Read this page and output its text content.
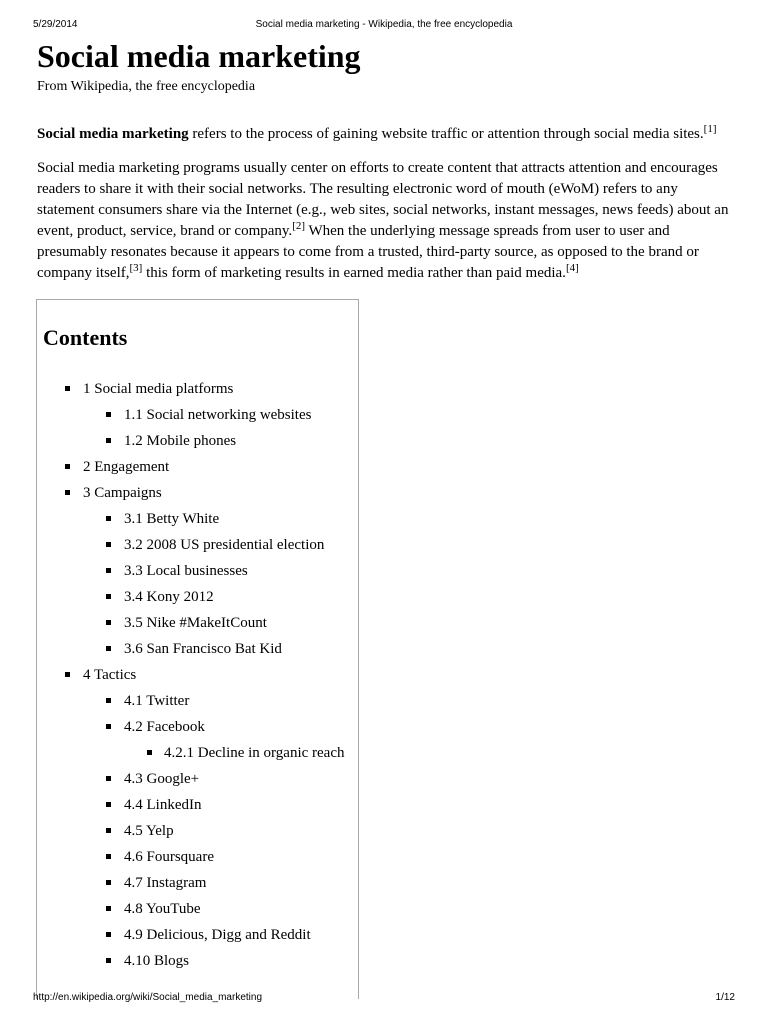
5/29/2014	Social media marketing - Wikipedia, the free encyclopedia
Social media marketing
From Wikipedia, the free encyclopedia

Social media marketing refers to the process of gaining website traffic or attention through social media sites.[1]

Social media marketing programs usually center on efforts to create content that attracts attention and encourages readers to share it with their social networks. The resulting electronic word of mouth (eWoM) refers to any statement consumers share via the Internet (e.g., web sites, social networks, instant messages, news feeds) about an event, product, service, brand or company.[2] When the underlying message spreads from user to user and presumably resonates because it appears to come from a trusted, third-party source, as opposed to the brand or company itself,[3] this form of marketing results in earned media rather than paid media.[4]

Contents
1 Social media platforms
1.1 Social networking websites
1.2 Mobile phones
2 Engagement
3 Campaigns
3.1 Betty White
3.2 2008 US presidential election
3.3 Local businesses
3.4 Kony 2012
3.5 Nike #MakeItCount
3.6 San Francisco Bat Kid
4 Tactics
4.1 Twitter
4.2 Facebook
4.2.1 Decline in organic reach
4.3 Google+
4.4 LinkedIn
4.5 Yelp
4.6 Foursquare
4.7 Instagram
4.8 YouTube
4.9 Delicious, Digg and Reddit
4.10 Blogs
http://en.wikipedia.org/wiki/Social_media_marketing	1/12
